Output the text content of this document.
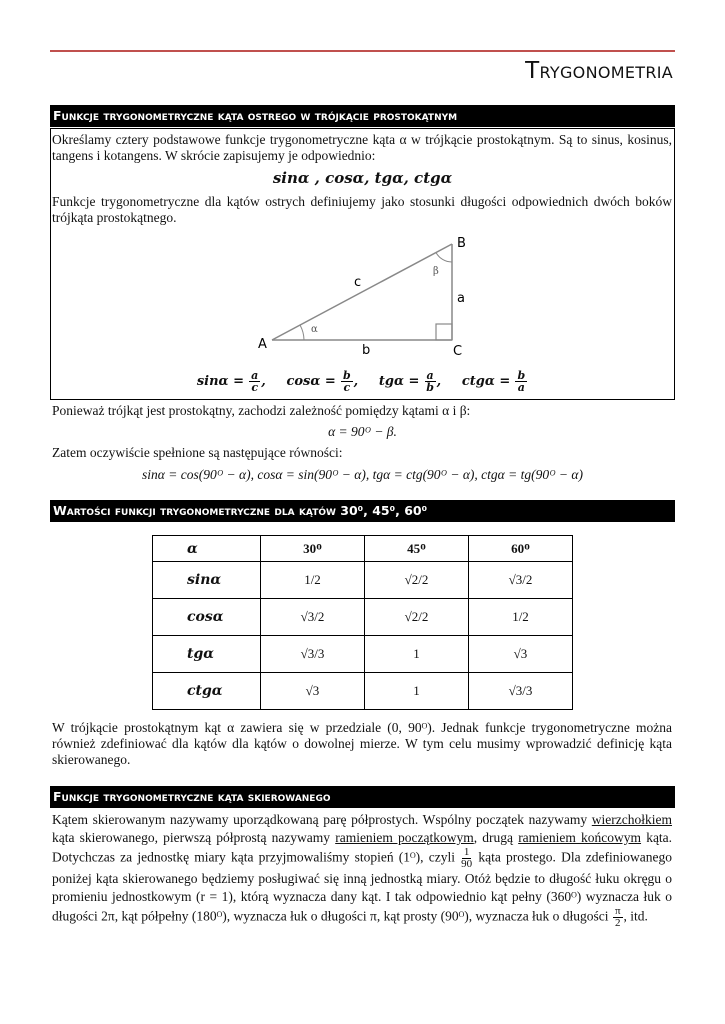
Trygonometria
Funkcje trygonometryczne kąta ostrego w trójkącie prostokątnym
Określamy cztery podstawowe funkcje trygonometryczne kąta α w trójkącie prostokątnym. Są to sinus, kosinus, tangens i kotangens. W skrócie zapisujemy je odpowiednio:
sinα , cosα, tgα, ctgα
Funkcje trygonometryczne dla kątów ostrych definiujemy jako stosunki długości odpowiednich dwóch boków trójkąta prostokątnego.
A
B
C
a
b
c
α
β
$\sin\alpha = \frac{a}{c}$ , $\cos\alpha = \frac{b}{c}$ , $tg\alpha = \frac{a}{b}$ , $ctg\alpha = \frac{b}{a}$
Ponieważ trójkąt jest prostokątny, zachodzi zależność pomiędzy kątami α i β:
α = 90ᴼ − β.
Zatem oczywiście spełnione są następujące równości:
sinα = cos(90ᴼ − α), cosα = sin(90ᴼ − α), tgα = ctg(90ᴼ − α), ctgα = tg(90ᴼ − α)
Wartości funkcji trygonometryczne dla kątów 30⁰, 45⁰, 60⁰
α	30ᴼ	45ᴼ	60ᴼ
sinα	1/2	√2/2	√3/2
cosα	√3/2	√2/2	1/2
tgα	√3/3	1	√3
ctgα	√3	1	√3/3
W trójkącie prostokątnym kąt α zawiera się w przedziale (0, 90ᴼ). Jednak funkcje trygonometryczne można również zdefiniować dla kątów dla kątów o dowolnej mierze. W tym celu musimy wprowadzić definicję kąta skierowanego.
Funkcje trygonometryczne kąta skierowanego
Kątem skierowanym nazywamy uporządkowaną parę półprostych. Wspólny początek nazywamy wierzchołkiem kąta skierowanego, pierwszą półprostą nazywamy ramieniem początkowym, drugą ramieniem końcowym kąta. Dotychczas za jednostkę miary kąta przyjmowaliśmy stopień (1ᴼ), czyli $\frac{1}{90}$ kąta prostego. Dla zdefiniowanego poniżej kąta skierowanego będziemy posługiwać się inną jednostką miary. Otóż będzie to długość łuku okręgu o promieniu jednostkowym (r = 1), którą wyznacza dany kąt. I tak odpowiednio kąt pełny (360ᴼ) wyznacza łuk o długości 2π, kąt półpełny (180ᴼ), wyznacza łuk o długości π, kąt prosty (90ᴼ), wyznacza łuk o długości $\frac{\pi}{2}$ , itd.
